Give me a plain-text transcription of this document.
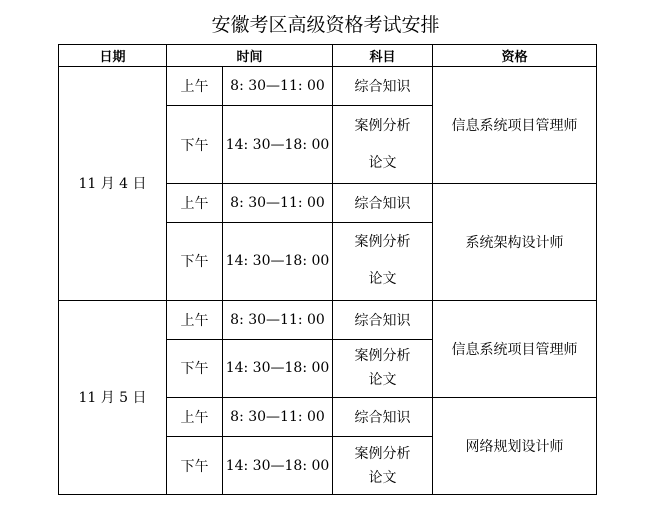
安徽考区高级资格考试安排
日期	时间		科目	资格
11 月 4 日	上午	8: 30—11: 00	综合知识	信息系统项目管理师
	下午	14: 30—18: 00	案例分析
论文	

	上午	8: 30—11: 00	综合知识	系统架构设计师
	下午	14: 30—18: 00	案例分析
论文	

11 月 5 日	上午	8: 30—11: 00	综合知识	信息系统项目管理师
	下午	14: 30—18: 00	案例分析
论文	

	上午	8: 30—11: 00	综合知识	网络规划设计师
	下午	14: 30—18: 00	案例分析
论文	
